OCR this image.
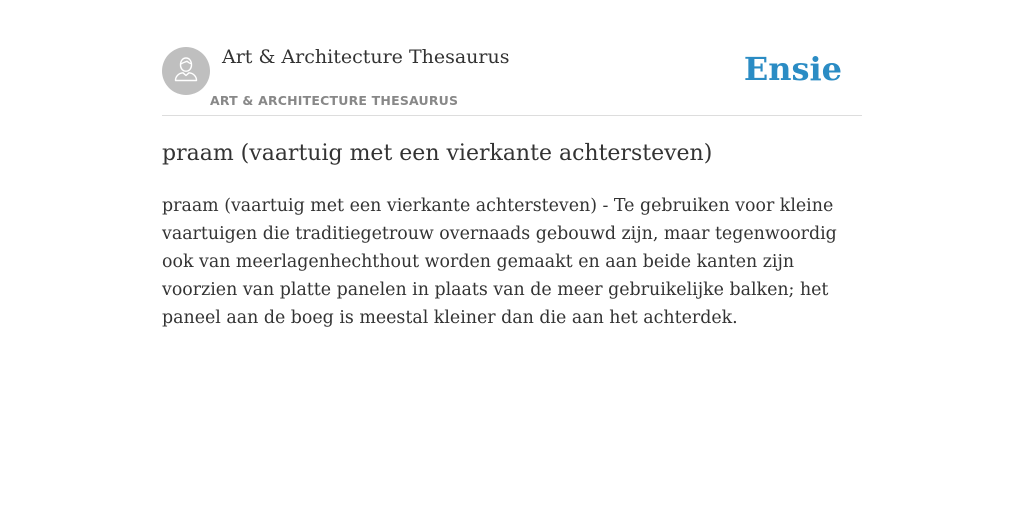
Art & Architecture Thesaurus
ART & ARCHITECTURE THESAURUS
Ensie
praam (vaartuig met een vierkante achtersteven)

praam (vaartuig met een vierkante achtersteven) - Te gebruiken voor kleine vaartuigen die traditiegetrouw overnaads gebouwd zijn, maar tegenwoordig ook van meerlagenhechthout worden gemaakt en aan beide kanten zijn voorzien van platte panelen in plaats van de meer gebruikelijke balken; het paneel aan de boeg is meestal kleiner dan die aan het achterdek.
